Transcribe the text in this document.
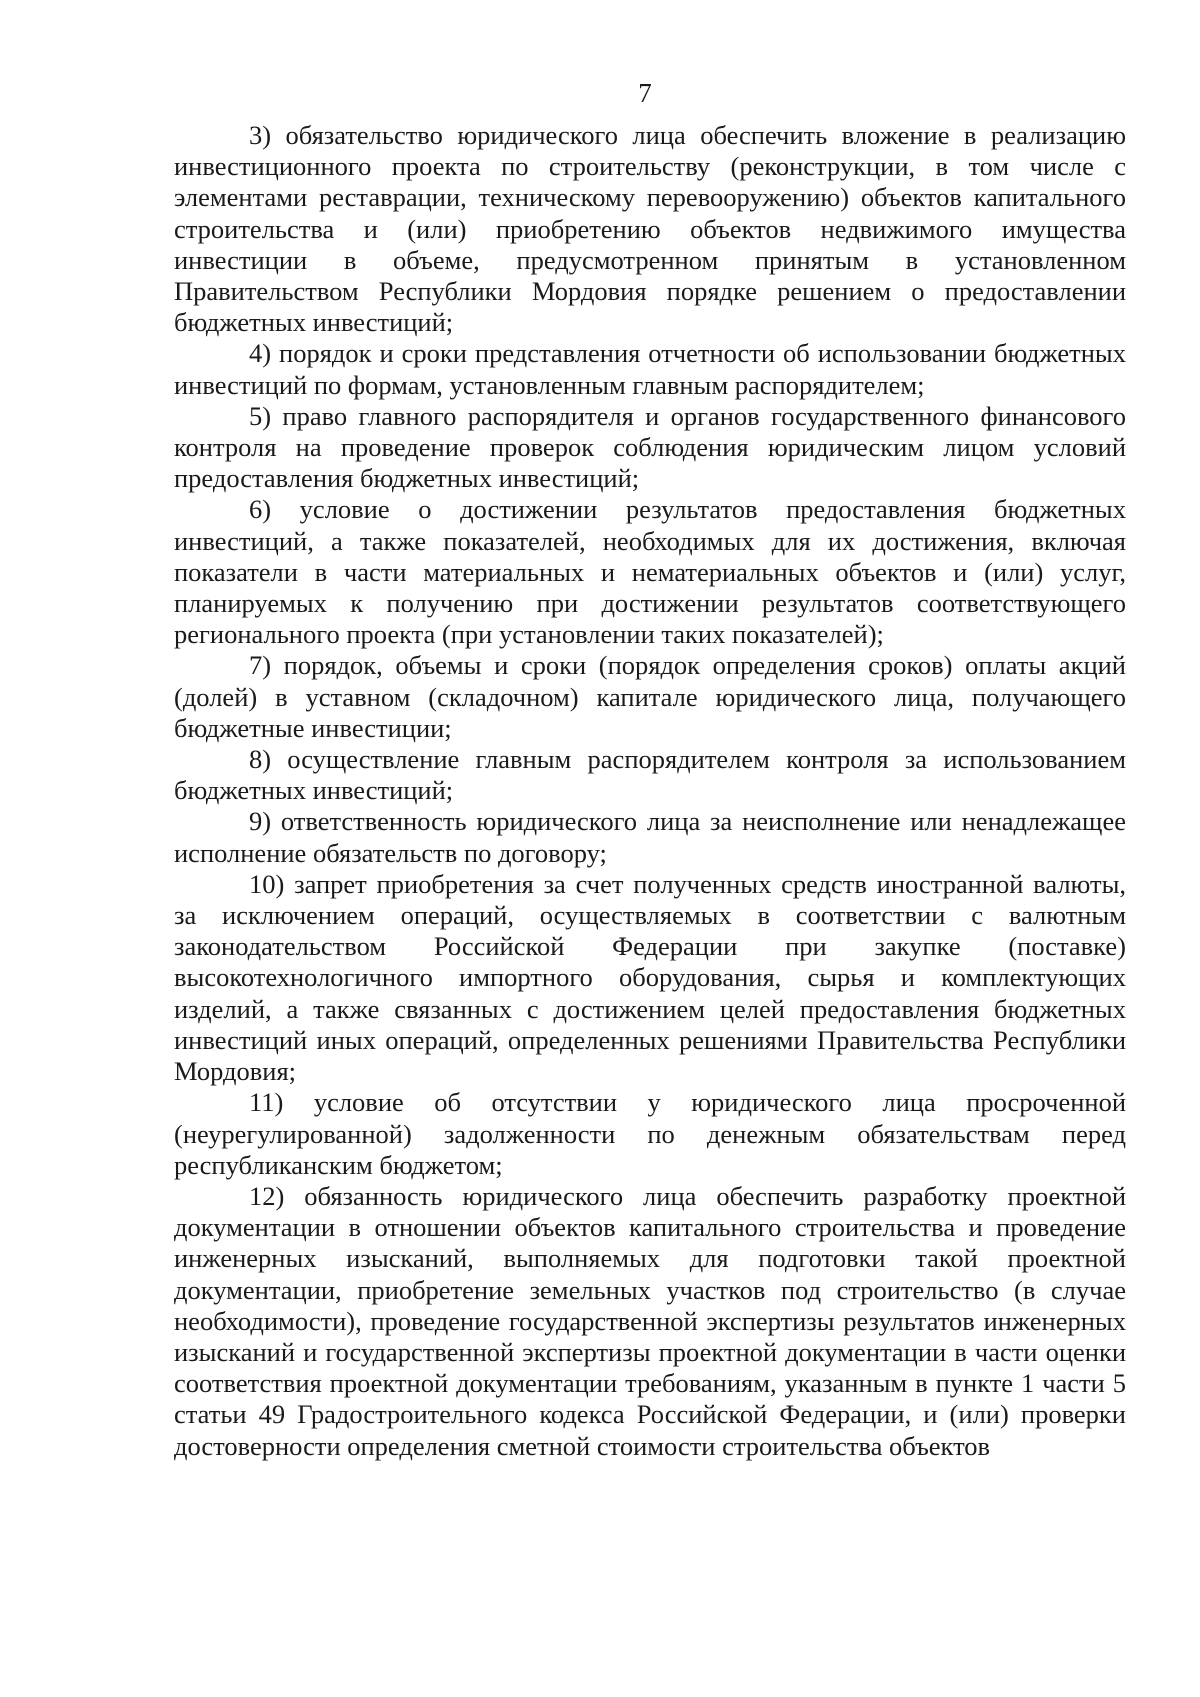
7

3) обязательство юридического лица обеспечить вложение в реализацию инвестиционного проекта по строительству (реконструкции, в том числе с элементами реставрации, техническому перевооружению) объектов капитального строительства и (или) приобретению объектов недвижимого имущества инвестиции в объеме, предусмотренном принятым в установленном Правительством Республики Мордовия порядке решением о предоставлении бюджетных инвестиций;

4) порядок и сроки представления отчетности об использовании бюджетных инвестиций по формам, установленным главным распорядителем;

5) право главного распорядителя и органов государственного финансового контроля на проведение проверок соблюдения юридическим лицом условий предоставления бюджетных инвестиций;

6) условие о достижении результатов предоставления бюджетных инвестиций, а также показателей, необходимых для их достижения, включая показатели в части материальных и нематериальных объектов и (или) услуг, планируемых к получению при достижении результатов соответствующего регионального проекта (при установлении таких показателей);

7) порядок, объемы и сроки (порядок определения сроков) оплаты акций (долей) в уставном (складочном) капитале юридического лица, получающего бюджетные инвестиции;

8) осуществление главным распорядителем контроля за использованием бюджетных инвестиций;

9) ответственность юридического лица за неисполнение или ненадлежащее исполнение обязательств по договору;

10) запрет приобретения за счет полученных средств иностранной валюты, за исключением операций, осуществляемых в соответствии с валютным законодательством Российской Федерации при закупке (поставке) высокотехнологичного импортного оборудования, сырья и комплектующих изделий, а также связанных с достижением целей предоставления бюджетных инвестиций иных операций, определенных решениями Правительства Республики Мордовия;

11) условие об отсутствии у юридического лица просроченной (неурегулированной) задолженности по денежным обязательствам перед республиканским бюджетом;

12) обязанность юридического лица обеспечить разработку проектной документации в отношении объектов капитального строительства и проведение инженерных изысканий, выполняемых для подготовки такой проектной документации, приобретение земельных участков под строительство (в случае необходимости), проведение государственной экспертизы результатов инженерных изысканий и государственной экспертизы проектной документации в части оценки соответствия проектной документации требованиям, указанным в пункте 1 части 5 статьи 49 Градостроительного кодекса Российской Федерации, и (или) проверки достоверности определения сметной стоимости строительства объектов
